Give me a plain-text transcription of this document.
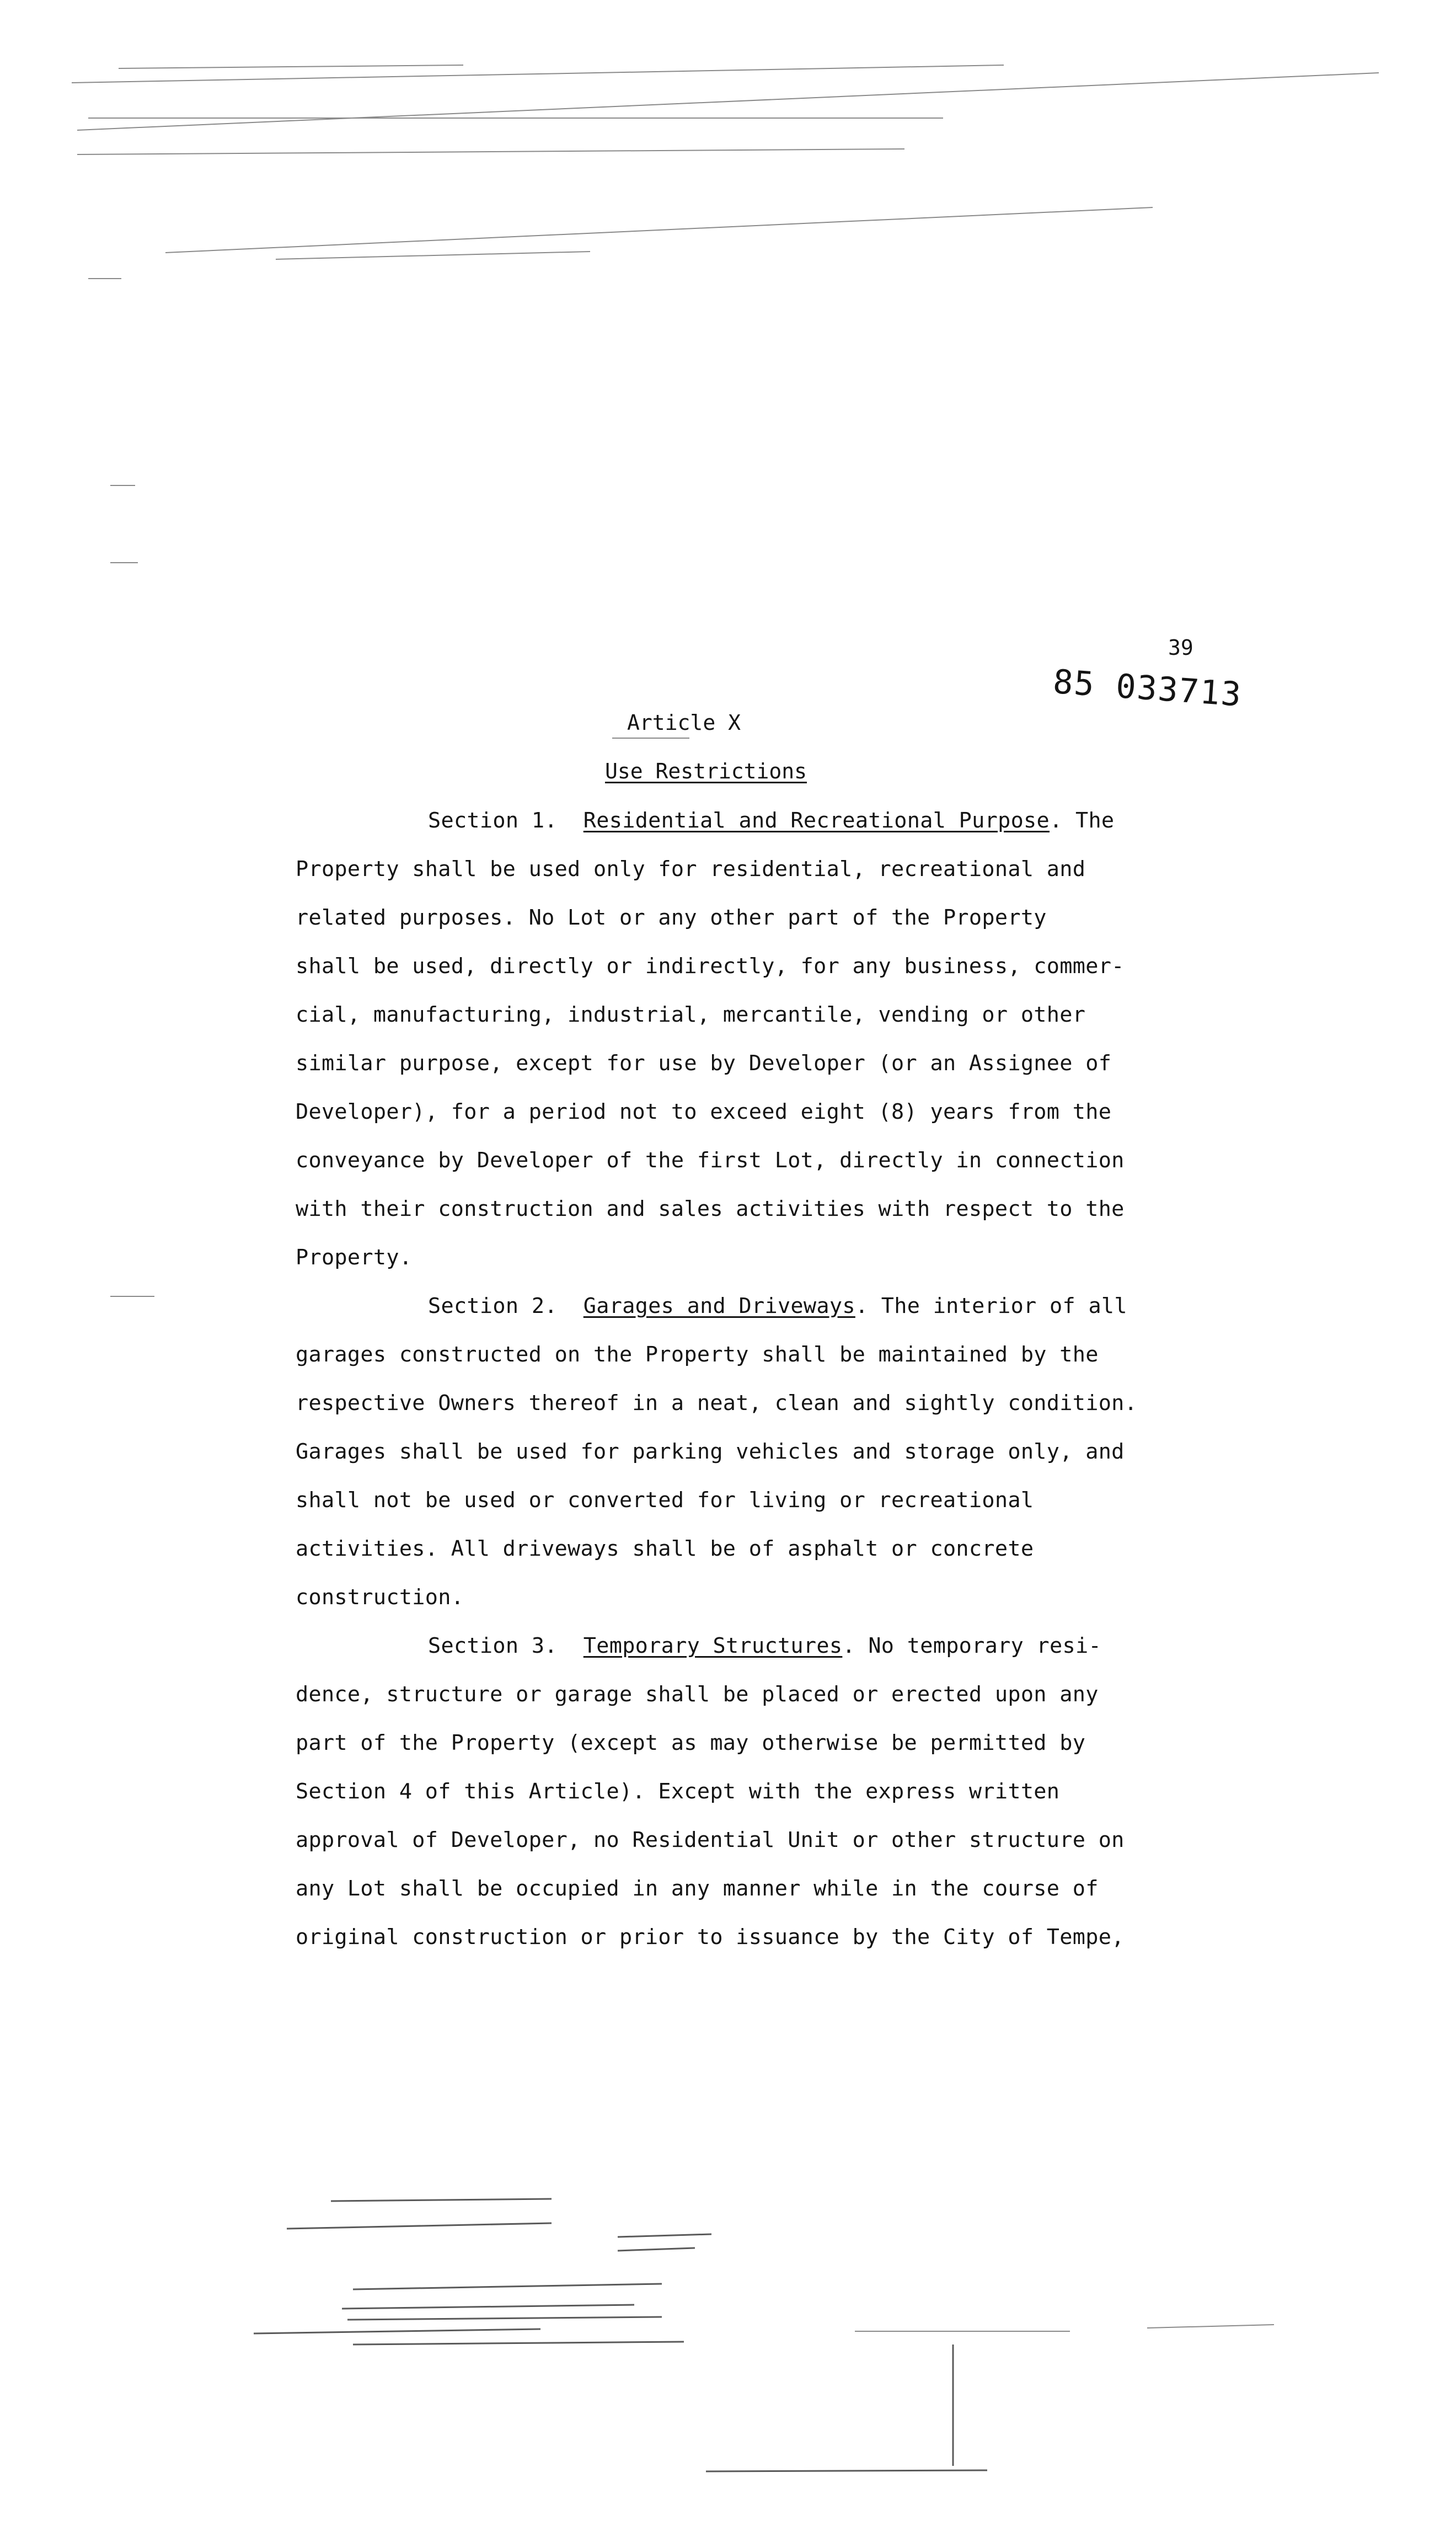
39
85 033713
Article X
Use Restrictions
Section 1. Residential and Recreational Purpose. The
Property shall be used only for residential, recreational and
related purposes. No Lot or any other part of the Property
shall be used, directly or indirectly, for any business, commer-
cial, manufacturing, industrial, mercantile, vending or other
similar purpose, except for use by Developer (or an Assignee of
Developer), for a period not to exceed eight (8) years from the
conveyance by Developer of the first Lot, directly in connection
with their construction and sales activities with respect to the
Property.
Section 2. Garages and Driveways. The interior of all
garages constructed on the Property shall be maintained by the
respective Owners thereof in a neat, clean and sightly condition.
Garages shall be used for parking vehicles and storage only, and
shall not be used or converted for living or recreational
activities. All driveways shall be of asphalt or concrete
construction.
Section 3. Temporary Structures. No temporary resi-
dence, structure or garage shall be placed or erected upon any
part of the Property (except as may otherwise be permitted by
Section 4 of this Article). Except with the express written
approval of Developer, no Residential Unit or other structure on
any Lot shall be occupied in any manner while in the course of
original construction or prior to issuance by the City of Tempe,
